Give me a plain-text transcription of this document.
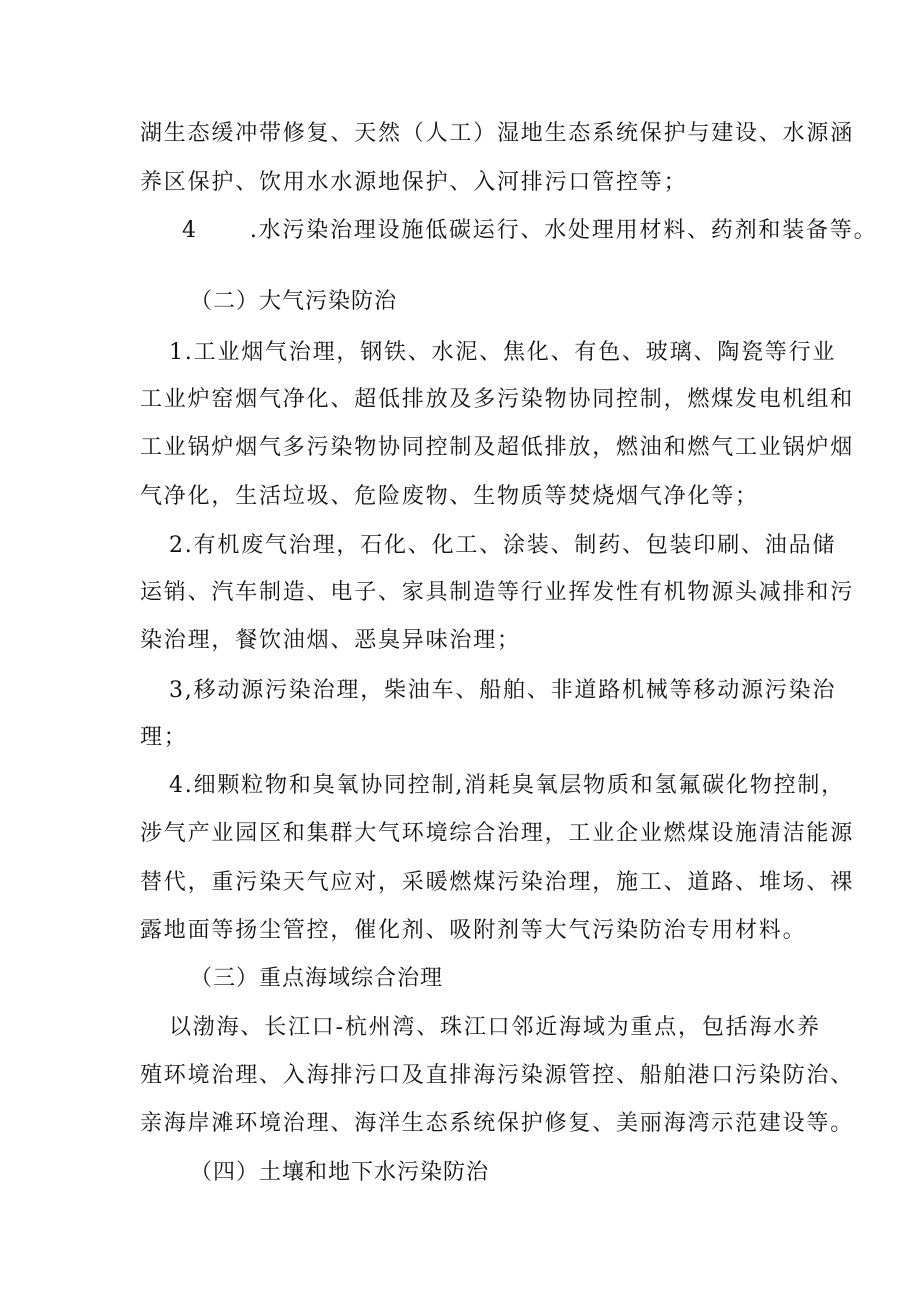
湖生态缓冲带修复、天然（人工）湿地生态系统保护与建设、水源涵
养区保护、饮用水水源地保护、入河排污口管控等；
4 .水污染治理设施低碳运行、水处理用材料、药剂和装备等。
（二）大气污染防治
1.工业烟气治理，钢铁、水泥、焦化、有色、玻璃、陶瓷等行业
工业炉窑烟气净化、超低排放及多污染物协同控制，燃煤发电机组和
工业锅炉烟气多污染物协同控制及超低排放，燃油和燃气工业锅炉烟
气净化，生活垃圾、危险废物、生物质等焚烧烟气净化等；
2.有机废气治理，石化、化工、涂装、制药、包装印刷、油品储
运销、汽车制造、电子、家具制造等行业挥发性有机物源头减排和污
染治理，餐饮油烟、恶臭异味治理；
3,移动源污染治理，柴油车、船舶、非道路机械等移动源污染治
理；
4.细颗粒物和臭氧协同控制,消耗臭氧层物质和氢氟碳化物控制，
涉气产业园区和集群大气环境综合治理，工业企业燃煤设施清洁能源
替代，重污染天气应对，采暖燃煤污染治理，施工、道路、堆场、裸
露地面等扬尘管控，催化剂、吸附剂等大气污染防治专用材料。
（三）重点海域综合治理
以渤海、长江口-杭州湾、珠江口邻近海域为重点，包括海水养
殖环境治理、入海排污口及直排海污染源管控、船舶港口污染防治、
亲海岸滩环境治理、海洋生态系统保护修复、美丽海湾示范建设等。
（四）土壤和地下水污染防治
